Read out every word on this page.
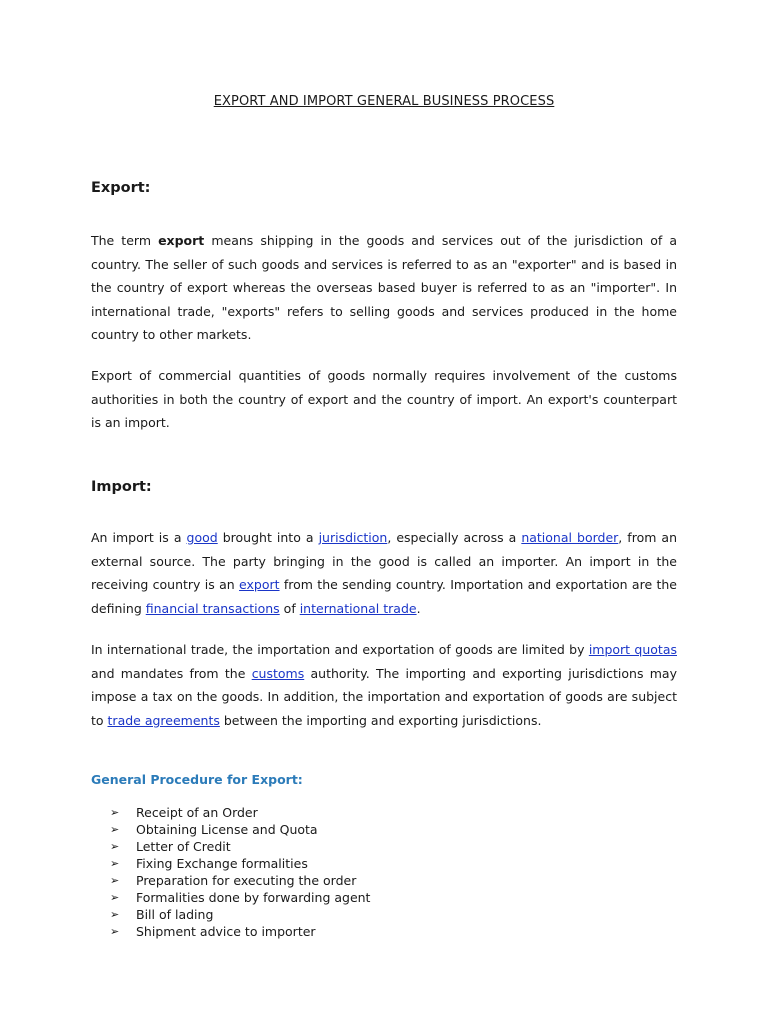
EXPORT AND IMPORT GENERAL BUSINESS PROCESS
Export:
The term export means shipping in the goods and services out of the jurisdiction of a country. The seller of such goods and services is referred to as an "exporter" and is based in the country of export whereas the overseas based buyer is referred to as an "importer". In international trade, "exports" refers to selling goods and services produced in the home country to other markets.
Export of commercial quantities of goods normally requires involvement of the customs authorities in both the country of export and the country of import. An export's counterpart is an import.
Import:
An import is a good brought into a jurisdiction, especially across a national border, from an external source. The party bringing in the good is called an importer. An import in the receiving country is an export from the sending country. Importation and exportation are the defining financial transactions of international trade.
In international trade, the importation and exportation of goods are limited by import quotas and mandates from the customs authority. The importing and exporting jurisdictions may impose a tax on the goods. In addition, the importation and exportation of goods are subject to trade agreements between the importing and exporting jurisdictions.
General Procedure for Export:
➢	Receipt of an Order
➢	Obtaining License and Quota
➢	Letter of Credit
➢	Fixing Exchange formalities
➢	Preparation for executing the order
➢	Formalities done by forwarding agent
➢	Bill of lading
➢	Shipment advice to importer
